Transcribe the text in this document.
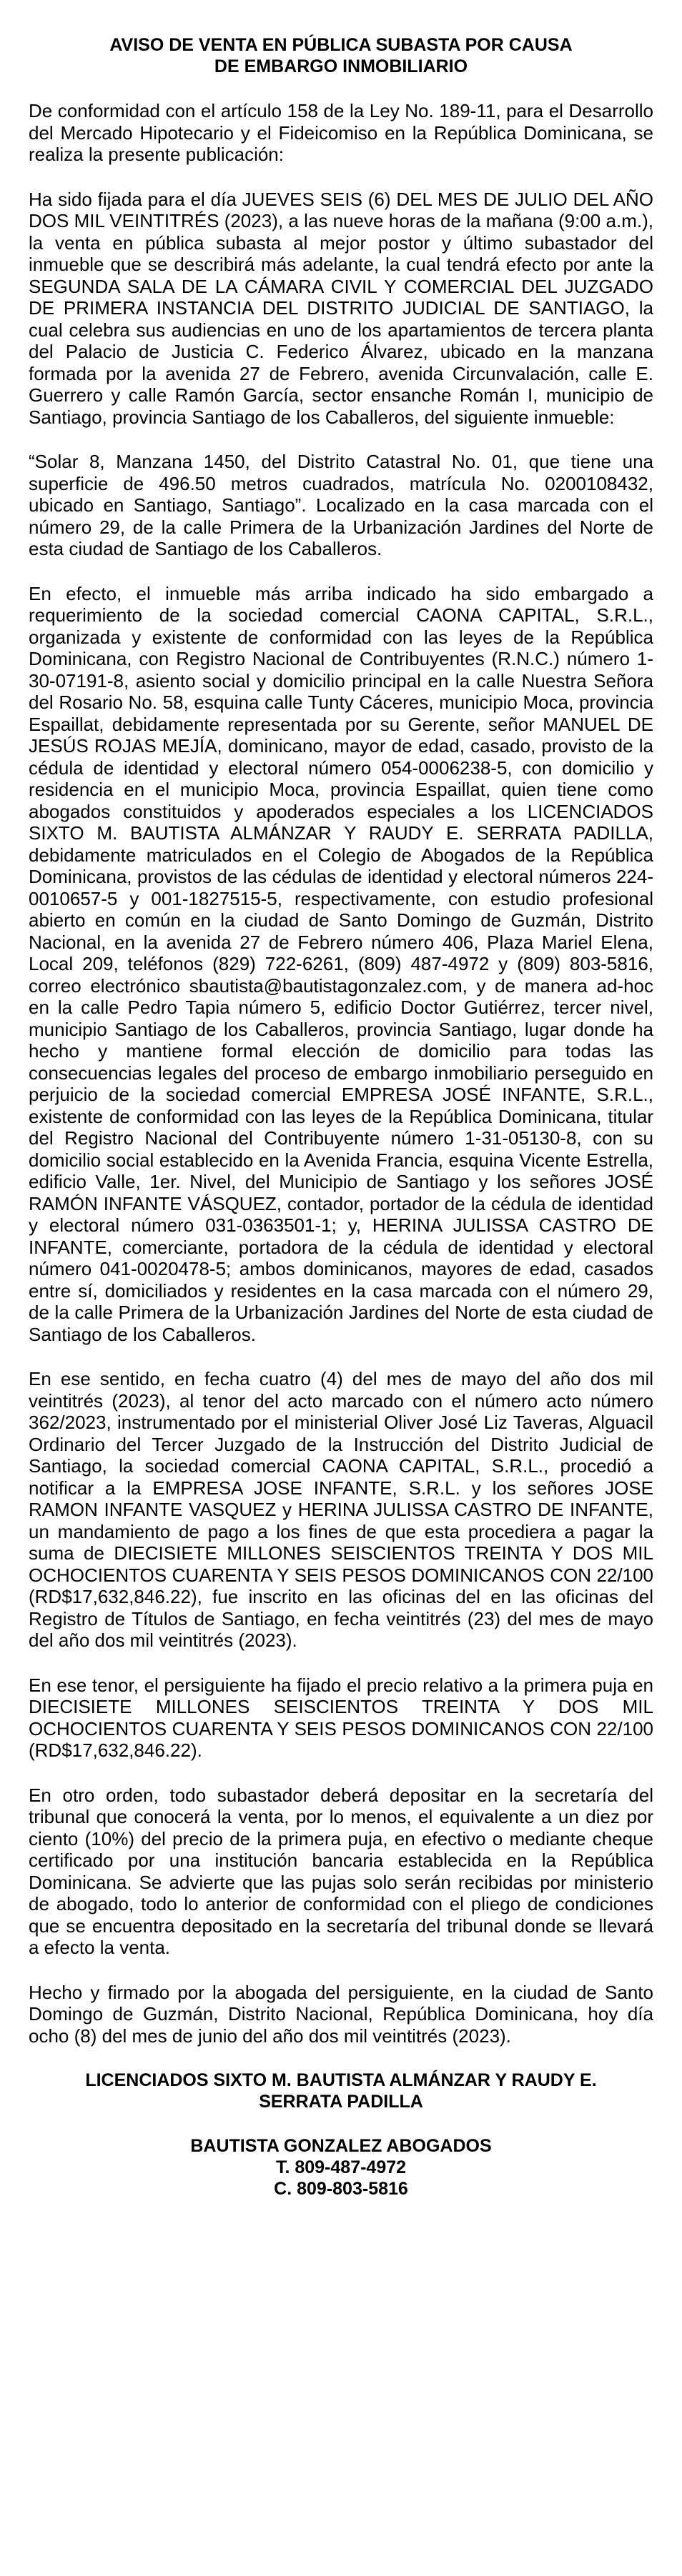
AVISO DE VENTA EN PÚBLICA SUBASTA POR CAUSA
DE EMBARGO INMOBILIARIO

De conformidad con el artículo 158 de la Ley No. 189-11, para el Desarrollo del Mercado Hipotecario y el Fideicomiso en la República Dominicana, se realiza la presente publicación:

Ha sido fijada para el día JUEVES SEIS (6) DEL MES DE JULIO DEL AÑO DOS MIL VEINTITRÉS (2023), a las nueve horas de la mañana (9:00 a.m.), la venta en pública subasta al mejor postor y último subastador del inmueble que se describirá más adelante, la cual tendrá efecto por ante la SEGUNDA SALA DE LA CÁMARA CIVIL Y COMERCIAL DEL JUZGADO DE PRIMERA INSTANCIA DEL DISTRITO JUDICIAL DE SANTIAGO, la cual celebra sus audiencias en uno de los apartamientos de tercera planta del Palacio de Justicia C. Federico Álvarez, ubicado en la manzana formada por la avenida 27 de Febrero, avenida Circunvalación, calle E. Guerrero y calle Ramón García, sector ensanche Román I, municipio de Santiago, provincia Santiago de los Caballeros, del siguiente inmueble:

“Solar 8, Manzana 1450, del Distrito Catastral No. 01, que tiene una superficie de 496.50 metros cuadrados, matrícula No. 0200108432, ubicado en Santiago, Santiago”. Localizado en la casa marcada con el número 29, de la calle Primera de la Urbanización Jardines del Norte de esta ciudad de Santiago de los Caballeros.

En efecto, el inmueble más arriba indicado ha sido embargado a requerimiento de la sociedad comercial CAONA CAPITAL, S.R.L., organizada y existente de conformidad con las leyes de la República Dominicana, con Registro Nacional de Contribuyentes (R.N.C.) número 1-30-07191-8, asiento social y domicilio principal en la calle Nuestra Señora del Rosario No. 58, esquina calle Tunty Cáceres, municipio Moca, provincia Espaillat, debidamente representada por su Gerente, señor MANUEL DE JESÚS ROJAS MEJÍA, dominicano, mayor de edad, casado, provisto de la cédula de identidad y electoral número 054-0006238-5, con domicilio y residencia en el municipio Moca, provincia Espaillat, quien tiene como abogados constituidos y apoderados especiales a los LICENCIADOS SIXTO M. BAUTISTA ALMÁNZAR Y RAUDY E. SERRATA PADILLA, debidamente matriculados en el Colegio de Abogados de la República Dominicana, provistos de las cédulas de identidad y electoral números 224-0010657-5 y 001-1827515-5, respectivamente, con estudio profesional abierto en común en la ciudad de Santo Domingo de Guzmán, Distrito Nacional, en la avenida 27 de Febrero número 406, Plaza Mariel Elena, Local 209, teléfonos (829) 722-6261, (809) 487-4972 y (809) 803-5816, correo electrónico sbautista@bautistagonzalez.com, y de manera ad-hoc en la calle Pedro Tapia número 5, edificio Doctor Gutiérrez, tercer nivel, municipio Santiago de los Caballeros, provincia Santiago, lugar donde ha hecho y mantiene formal elección de domicilio para todas las consecuencias legales del proceso de embargo inmobiliario perseguido en perjuicio de la sociedad comercial EMPRESA JOSÉ INFANTE, S.R.L., existente de conformidad con las leyes de la República Dominicana, titular del Registro Nacional del Contribuyente número 1-31-05130-8, con su domicilio social establecido en la Avenida Francia, esquina Vicente Estrella, edificio Valle, 1er. Nivel, del Municipio de Santiago y los señores JOSÉ RAMÓN INFANTE VÁSQUEZ, contador, portador de la cédula de identidad y electoral número 031-0363501-1; y, HERINA JULISSA CASTRO DE INFANTE, comerciante, portadora de la cédula de identidad y electoral número 041-0020478-5; ambos dominicanos, mayores de edad, casados entre sí, domiciliados y residentes en la casa marcada con el número 29, de la calle Primera de la Urbanización Jardines del Norte de esta ciudad de Santiago de los Caballeros.

En ese sentido, en fecha cuatro (4) del mes de mayo del año dos mil veintitrés (2023), al tenor del acto marcado con el número acto número 362/2023, instrumentado por el ministerial Oliver José Liz Taveras, Alguacil Ordinario del Tercer Juzgado de la Instrucción del Distrito Judicial de Santiago, la sociedad comercial CAONA CAPITAL, S.R.L., procedió a notificar a la EMPRESA JOSE INFANTE, S.R.L. y los señores JOSE RAMON INFANTE VASQUEZ y HERINA JULISSA CASTRO DE INFANTE, un mandamiento de pago a los fines de que esta procediera a pagar la suma de DIECISIETE MILLONES SEISCIENTOS TREINTA Y DOS MIL OCHOCIENTOS CUARENTA Y SEIS PESOS DOMINICANOS CON 22/100 (RD$17,632,846.22), fue inscrito en las oficinas del en las oficinas del Registro de Títulos de Santiago, en fecha veintitrés (23) del mes de mayo del año dos mil veintitrés (2023).

En ese tenor, el persiguiente ha fijado el precio relativo a la primera puja en DIECISIETE MILLONES SEISCIENTOS TREINTA Y DOS MIL OCHOCIENTOS CUARENTA Y SEIS PESOS DOMINICANOS CON 22/100 (RD$17,632,846.22).

En otro orden, todo subastador deberá depositar en la secretaría del tribunal que conocerá la venta, por lo menos, el equivalente a un diez por ciento (10%) del precio de la primera puja, en efectivo o mediante cheque certificado por una institución bancaria establecida en la República Dominicana. Se advierte que las pujas solo serán recibidas por ministerio de abogado, todo lo anterior de conformidad con el pliego de condiciones que se encuentra depositado en la secretaría del tribunal donde se llevará a efecto la venta.

Hecho y firmado por la abogada del persiguiente, en la ciudad de Santo Domingo de Guzmán, Distrito Nacional, República Dominicana, hoy día ocho (8) del mes de junio del año dos mil veintitrés (2023).

LICENCIADOS SIXTO M. BAUTISTA ALMÁNZAR Y RAUDY E.
SERRATA PADILLA
BAUTISTA GONZALEZ ABOGADOS
T. 809-487-4972
C. 809-803-5816
